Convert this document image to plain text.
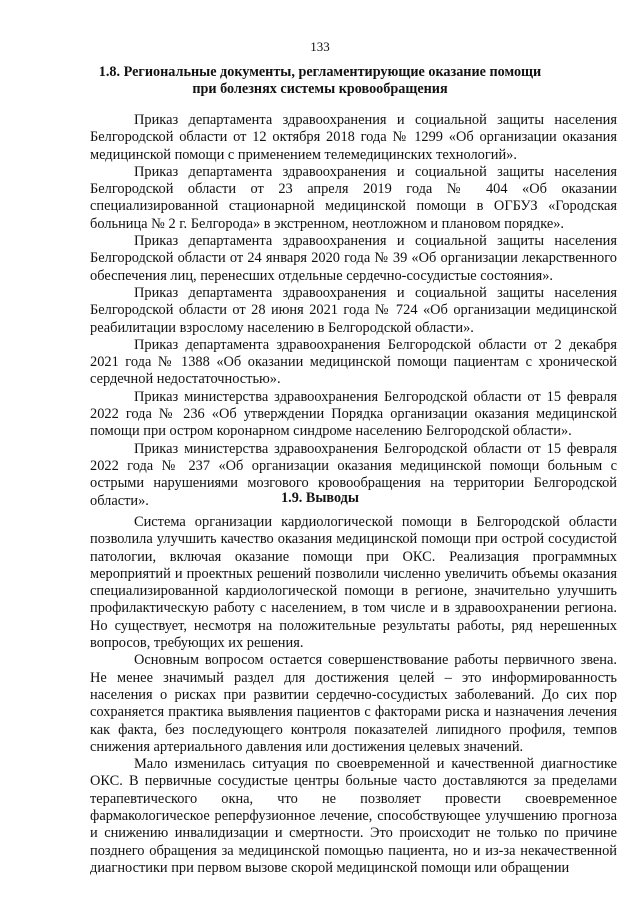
133
1.8. Региональные документы, регламентирующие оказание помощи
при болезнях системы кровообращения

Приказ департамента здравоохранения и социальной защиты населения Белгородской области от 12 октября 2018 года № 1299 «Об организации оказания медицинской помощи с применением телемедицинских технологий».

Приказ департамента здравоохранения и социальной защиты населения Белгородской области от 23 апреля 2019 года № 404 «Об оказании специализированной стационарной медицинской помощи в ОГБУЗ «Городская больница № 2 г. Белгорода» в экстренном, неотложном и плановом порядке».

Приказ департамента здравоохранения и социальной защиты населения Белгородской области от 24 января 2020 года № 39 «Об организации лекарственного обеспечения лиц, перенесших отдельные сердечно-сосудистые состояния».

Приказ департамента здравоохранения и социальной защиты населения Белгородской области от 28 июня 2021 года № 724 «Об организации медицинской реабилитации взрослому населению в Белгородской области».

Приказ департамента здравоохранения Белгородской области от 2 декабря 2021 года № 1388 «Об оказании медицинской помощи пациентам с хронической сердечной недостаточностью».

Приказ министерства здравоохранения Белгородской области от 15 февраля 2022 года № 236 «Об утверждении Порядка организации оказания медицинской помощи при остром коронарном синдроме населению Белгородской области».

Приказ министерства здравоохранения Белгородской области от 15 февраля 2022 года № 237 «Об организации оказания медицинской помощи больным с острыми нарушениями мозгового кровообращения на территории Белгородской области».	1.9. Выводы

Система организации кардиологической помощи в Белгородской области позволила улучшить качество оказания медицинской помощи при острой сосудистой патологии, включая оказание помощи при ОКС. Реализация программных мероприятий и проектных решений позволили численно увеличить объемы оказания специализированной кардиологической помощи в регионе, значительно улучшить профилактическую работу с населением, в том числе и в здравоохранении региона. Но существует, несмотря на положительные результаты работы, ряд нерешенных вопросов, требующих их решения.

Основным вопросом остается совершенствование работы первичного звена. Не менее значимый раздел для достижения целей – это информированность населения о рисках при развитии сердечно-сосудистых заболеваний. До сих пор сохраняется практика выявления пациентов с факторами риска и назначения лечения как факта, без последующего контроля показателей липидного профиля, темпов снижения артериального давления или достижения целевых значений.

Мало изменилась ситуация по своевременной и качественной диагностике ОКС. В первичные сосудистые центры больные часто доставляются за пределами терапевтического окна, что не позволяет провести своевременное фармакологическое реперфузионное лечение, способствующее улучшению прогноза и снижению инвалидизации и смертности. Это происходит не только по причине позднего обращения за медицинской помощью пациента, но и из-за некачественной диагностики при первом вызове скорой медицинской помощи или обращении
